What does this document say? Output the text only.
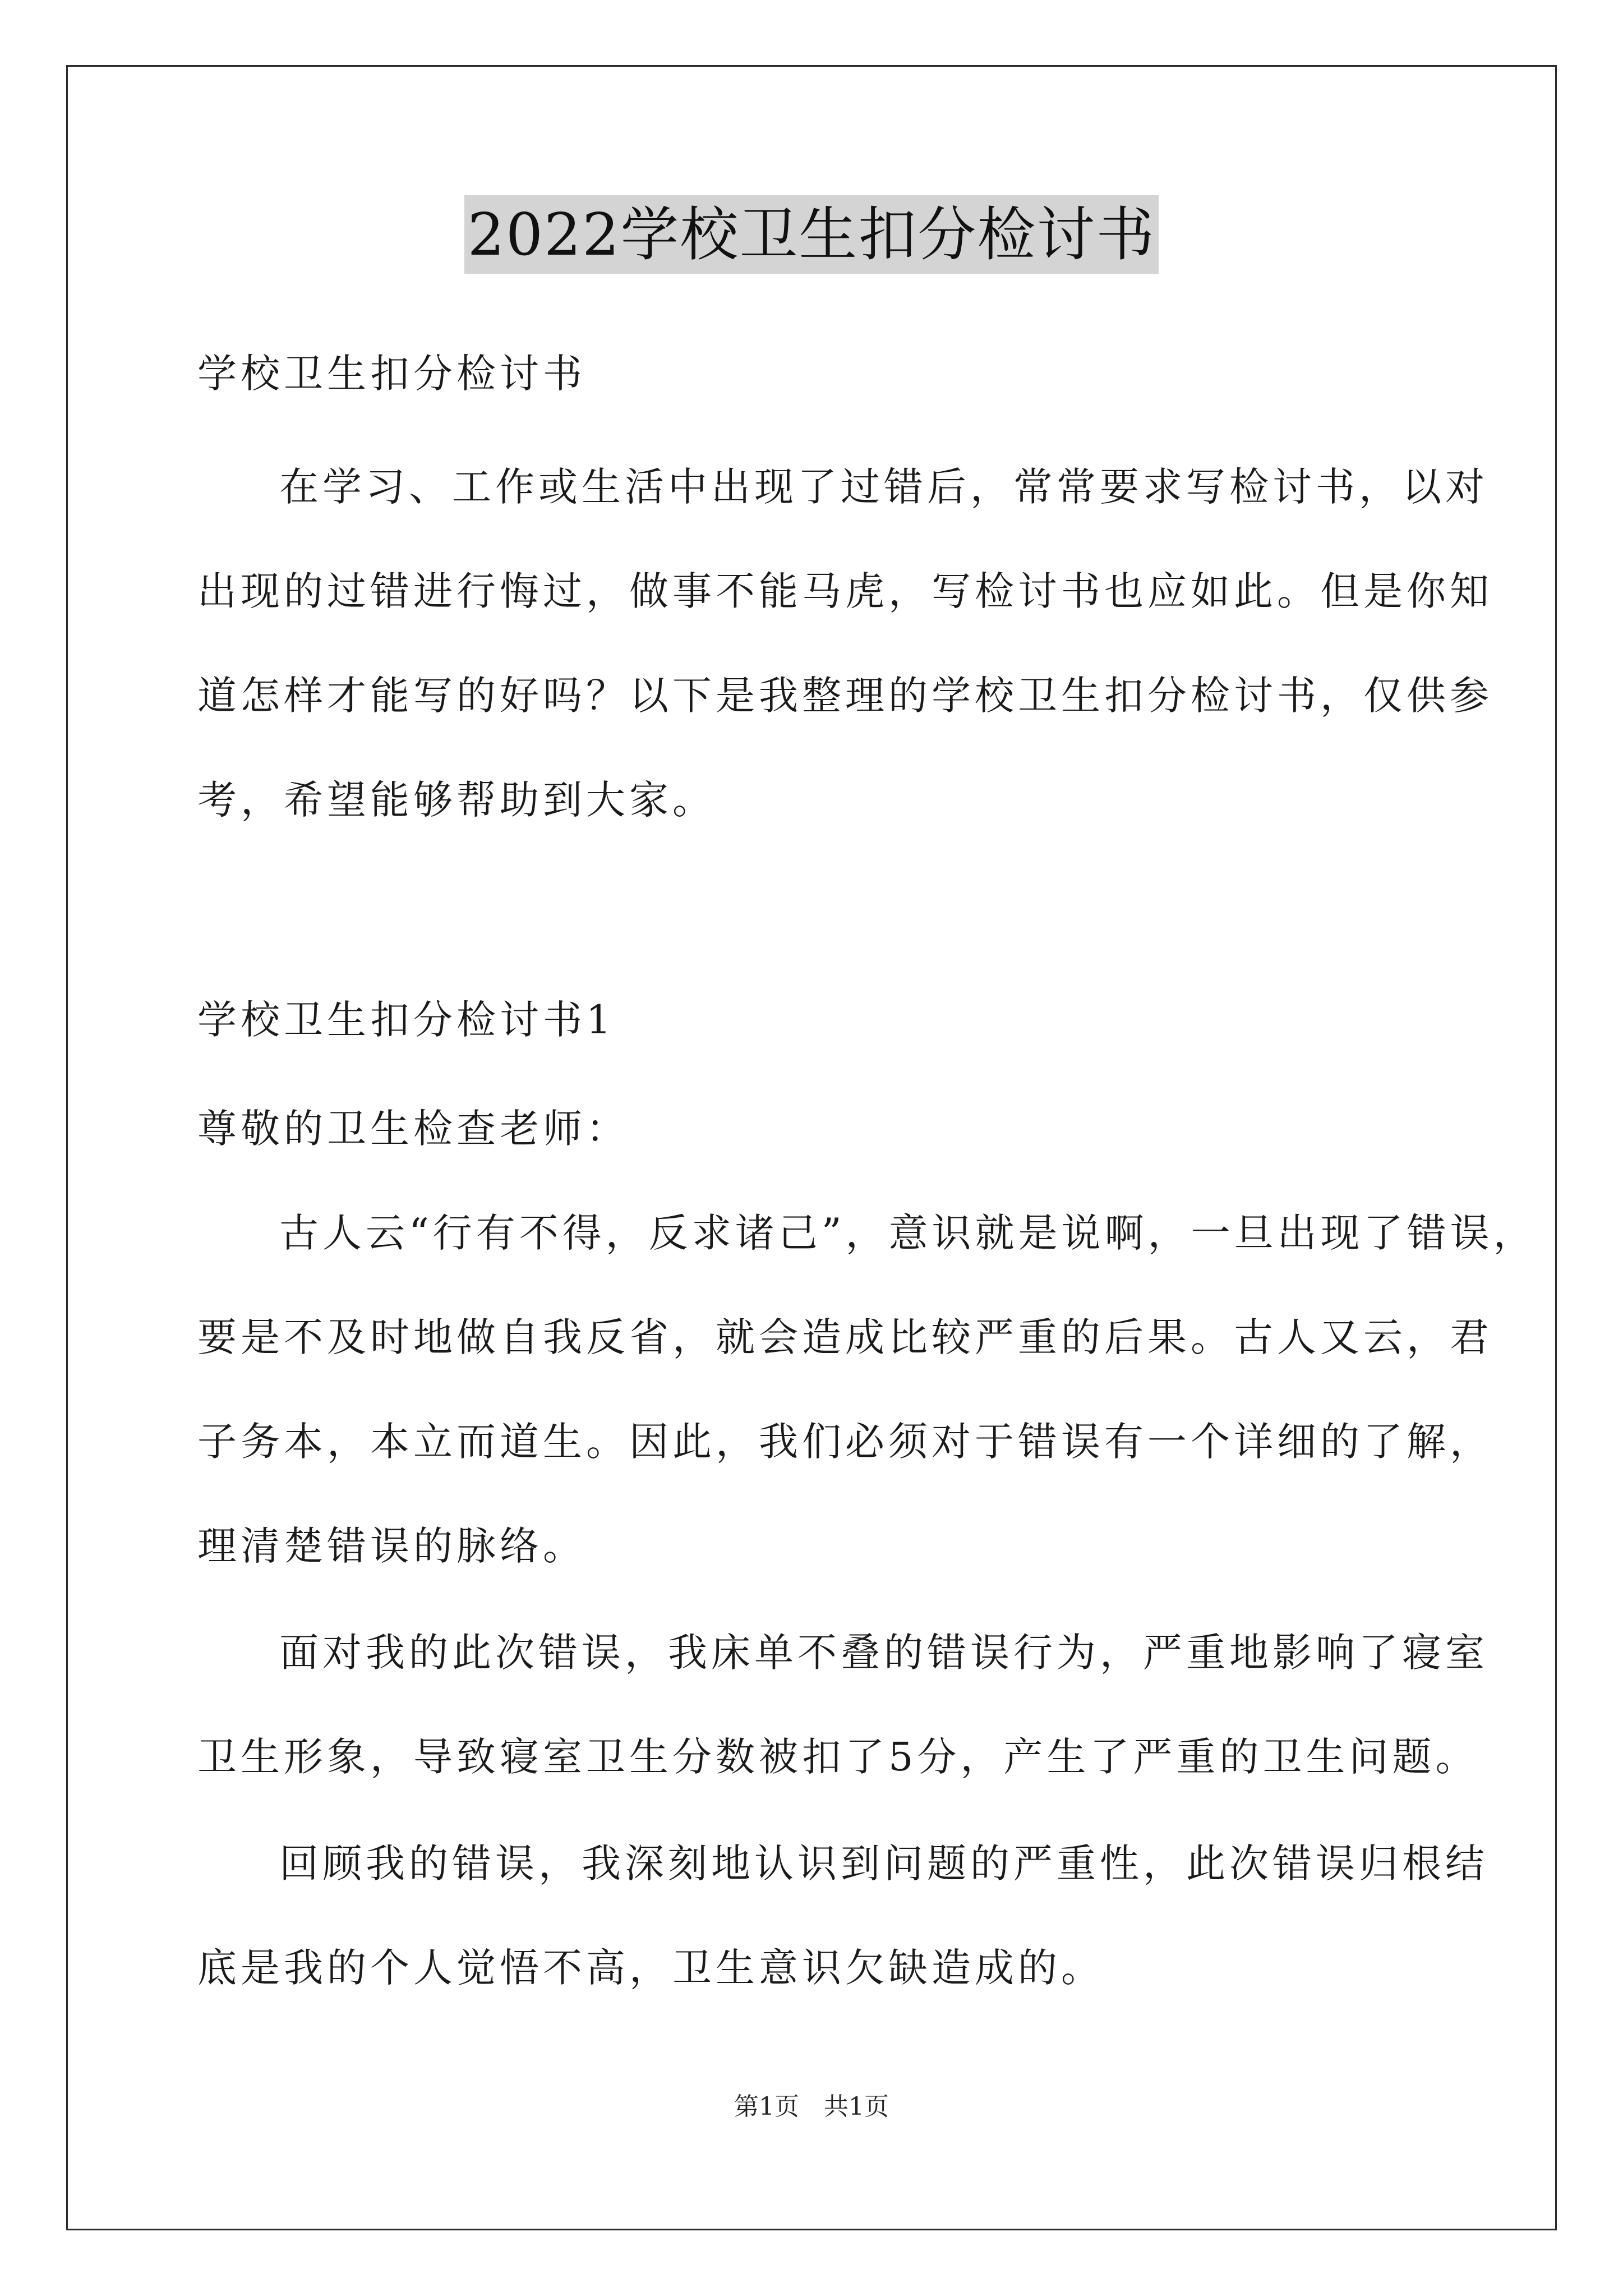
2022学校卫生扣分检讨书
学校卫生扣分检讨书
在学习、工作或生活中出现了过错后，常常要求写检讨书，以对
出现的过错进行悔过，做事不能马虎，写检讨书也应如此。但是你知
道怎样才能写的好吗？以下是我整理的学校卫生扣分检讨书，仅供参
考，希望能够帮助到大家。
学校卫生扣分检讨书1
尊敬的卫生检查老师：
古人云“行有不得，反求诸己”，意识就是说啊，一旦出现了错误，
要是不及时地做自我反省，就会造成比较严重的后果。古人又云，君
子务本，本立而道生。因此，我们必须对于错误有一个详细的了解，
理清楚错误的脉络。
面对我的此次错误，我床单不叠的错误行为，严重地影响了寝室
卫生形象，导致寝室卫生分数被扣了5分，产生了严重的卫生问题。
回顾我的错误，我深刻地认识到问题的严重性，此次错误归根结
底是我的个人觉悟不高，卫生意识欠缺造成的。
第1页　共1页
